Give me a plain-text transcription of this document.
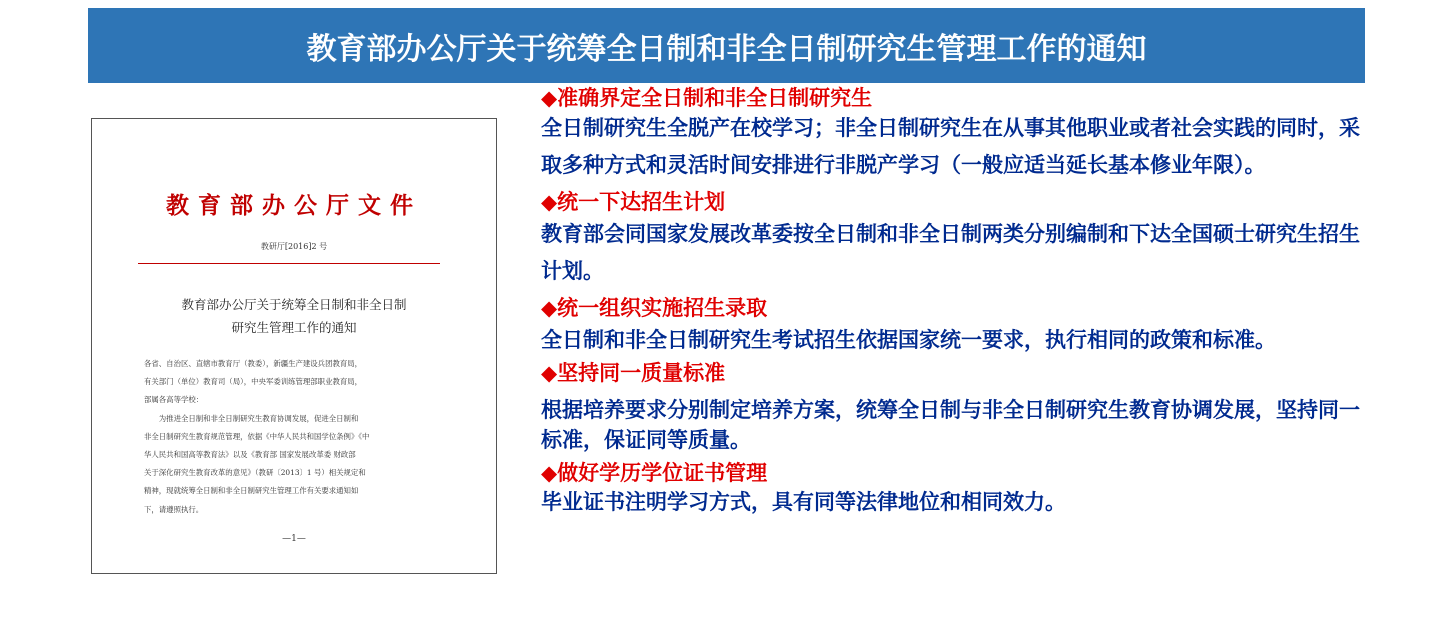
教育部办公厅关于统筹全日制和非全日制研究生管理工作的通知
教育部办公厅文件
教研厅[2016]2 号
教育部办公厅关于统筹全日制和非全日制
研究生管理工作的通知

各省、自治区、直辖市教育厅（教委），新疆生产建设兵团教育局，

有关部门（单位）教育司（局），中央军委训练管理部职业教育局，

部属各高等学校：

　　为推进全日制和非全日制研究生教育协调发展，促进全日制和

非全日制研究生教育规范管理，依据《中华人民共和国学位条例》《中

华人民共和国高等教育法》以及《教育部 国家发展改革委 财政部

关于深化研究生教育改革的意见》（教研〔2013〕1 号）相关规定和

精神，现就统筹全日制和非全日制研究生管理工作有关要求通知如

下，请遵照执行。

—1—
◆准确界定全日制和非全日制研究生
全日制研究生全脱产在校学习；非全日制研究生在从事其他职业或者社会实践的同时，采取多种方式和灵活时间安排进行非脱产学习（一般应适当延长基本修业年限）。
◆统一下达招生计划
教育部会同国家发展改革委按全日制和非全日制两类分别编制和下达全国硕士研究生招生计划。
◆统一组织实施招生录取
全日制和非全日制研究生考试招生依据国家统一要求，执行相同的政策和标准。
◆坚持同一质量标准
根据培养要求分别制定培养方案，统筹全日制与非全日制研究生教育协调发展，坚持同一标准，保证同等质量。
◆做好学历学位证书管理
毕业证书注明学习方式，具有同等法律地位和相同效力。
